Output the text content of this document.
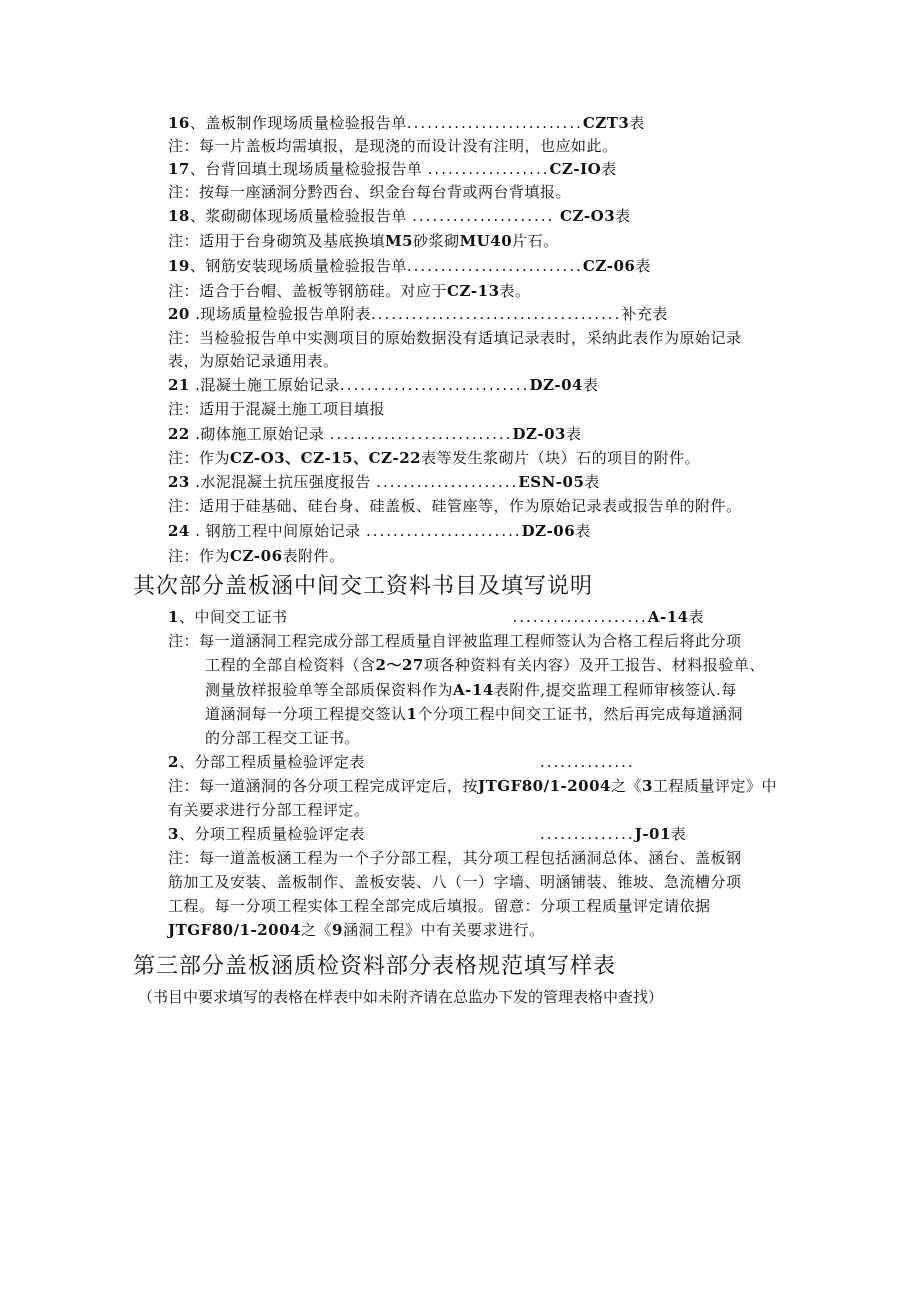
16、盖板制作现场质量检验报告单..........................CZT3表
注：每一片盖板均需填报，是现浇的而设计没有注明，也应如此。
17、台背回填土现场质量检验报告单 ..................CZ-IO表
注：按每一座涵洞分黔西台、织金台每台背或两台背填报。
18、浆砌砌体现场质量检验报告单 ..................... CZ-O3表
注：适用于台身砌筑及基底换填M5砂浆砌MU40片石。
19、钢筋安装现场质量检验报告单..........................CZ-06表
注：适合于台帽、盖板等钢筋硅。对应于CZ-13表。
20 .现场质量检验报告单附表.....................................补充表
注：当检验报告单中实测项目的原始数据没有适填记录表时，采纳此表作为原始记录
表，为原始记录通用表。
21 .混凝土施工原始记录............................DZ-04表
注：适用于混凝土施工项目填报
22 .砌体施工原始记录 ...........................DZ-03表
注：作为CZ-O3、CZ-15、CZ-22表等发生浆砌片（块）石的项目的附件。
23 .水泥混凝土抗压强度报告 .....................ESN-05表
注：适用于硅基础、硅台身、硅盖板、硅管座等，作为原始记录表或报告单的附件。
24 . 钢筋工程中间原始记录 .......................DZ-06表
注：作为CZ-06表附件。
其次部分盖板涵中间交工资料书目及填写说明
1、中间交工证书	....................A-14表
注：每一道涵洞工程完成分部工程质量自评被监理工程师签认为合格工程后将此分项
工程的全部自检资料（含2～27项各种资料有关内容）及开工报告、材料报验单、
测量放样报验单等全部质保资料作为A-14表附件,提交监理工程师审核签认.每
道涵洞每一分项工程提交签认1个分项工程中间交工证书，然后再完成每道涵洞
的分部工程交工证书。
2、分部工程质量检验评定表	..............
注：每一道涵洞的各分项工程完成评定后，按JTGF80/1-2004之《3工程质量评定》中
有关要求进行分部工程评定。
3、分项工程质量检验评定表	..............J-01表
注：每一道盖板涵工程为一个子分部工程，其分项工程包括涵洞总体、涵台、盖板钢
筋加工及安装、盖板制作、盖板安装、八（一）字墙、明涵铺装、锥坡、急流槽分项
工程。每一分项工程实体工程全部完成后填报。留意：分项工程质量评定请依据
JTGF80/1-2004之《9涵洞工程》中有关要求进行。
第三部分盖板涵质检资料部分表格规范填写样表
（书目中要求填写的表格在样表中如未附齐请在总监办下发的管理表格中查找）
